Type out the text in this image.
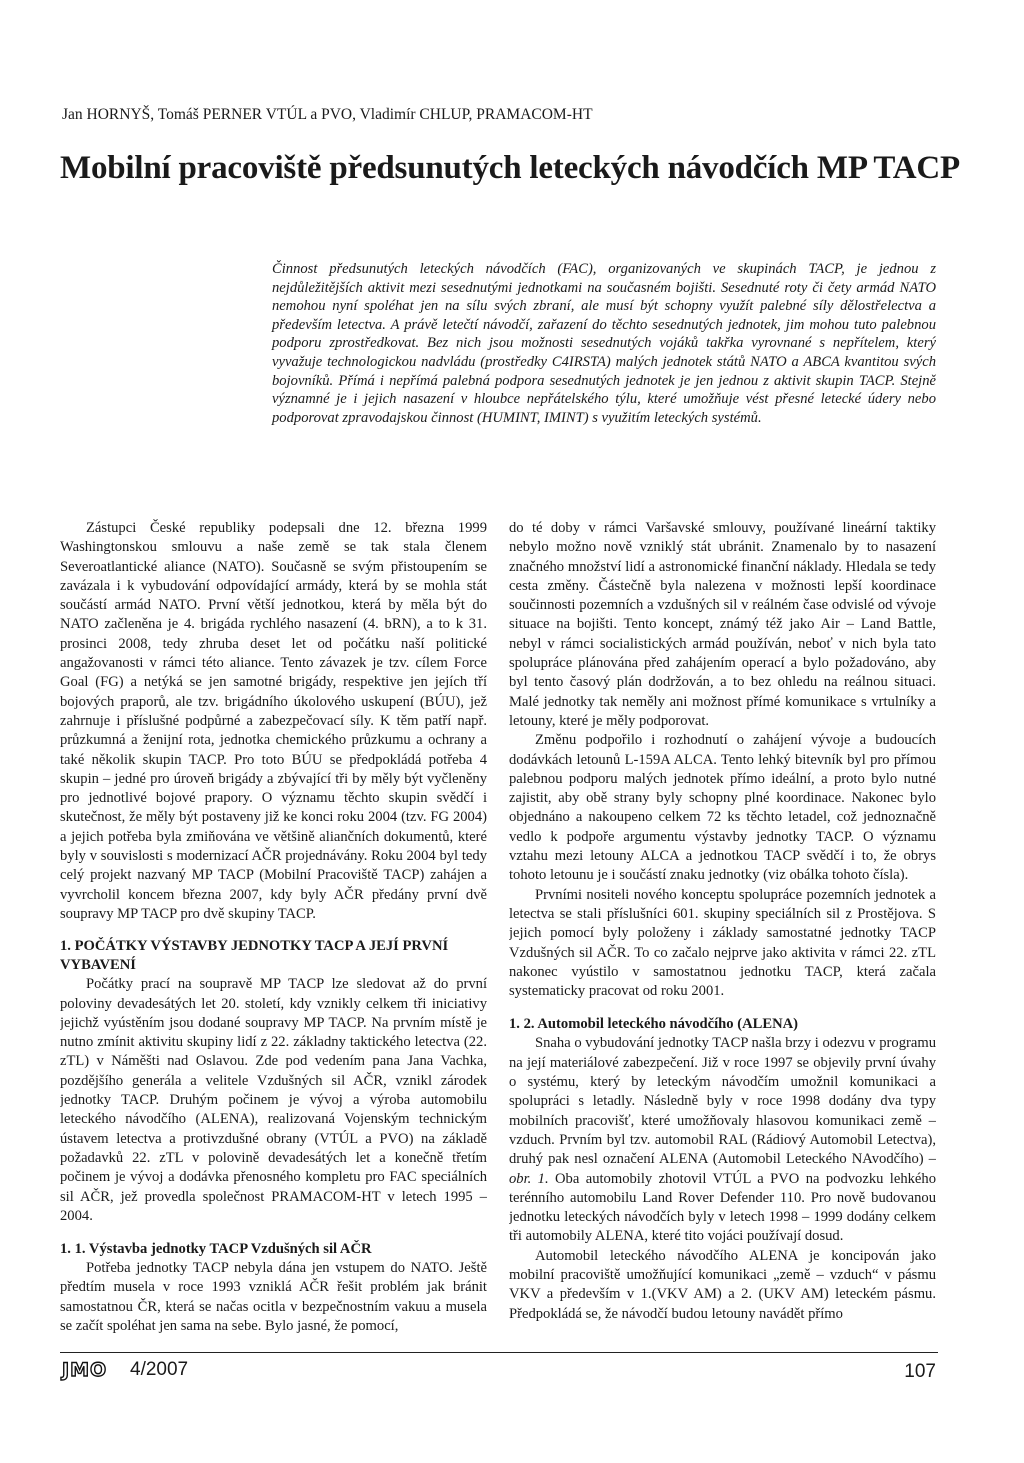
Jan HORNYŠ, Tomáš PERNER VTÚL a PVO, Vladimír CHLUP, PRAMACOM-HT
Mobilní pracoviště předsunutých leteckých návodčích MP TACP

Činnost předsunutých leteckých návodčích (FAC), organizovaných ve skupinách TACP, je jednou z nejdůležitějších aktivit mezi sesednutými jednotkami na současném bojišti. Sesednuté roty či čety armád NATO nemohou nyní spoléhat jen na sílu svých zbraní, ale musí být schopny využít palebné síly dělostřelectva a především letectva. A právě letečtí návodčí, zařazení do těchto sesednutých jednotek, jim mohou tuto palebnou podporu zprostředkovat. Bez nich jsou možnosti sesednutých vojáků takřka vyrovnané s nepřítelem, který vyvažuje technologickou nadvládu (prostředky C4IRSTA) malých jednotek států NATO a ABCA kvantitou svých bojovníků. Přímá i nepřímá palebná podpora sesednutých jednotek je jen jednou z aktivit skupin TACP. Stejně významné je i jejich nasazení v hloubce nepřátelského týlu, které umožňuje vést přesné letecké údery nebo podporovat zpravodajskou činnost (HUMINT, IMINT) s využitím leteckých systémů.

Zástupci České republiky podepsali dne 12. března 1999 Washingtonskou smlouvu a naše země se tak stala členem Severoatlantické aliance (NATO). Současně se svým přistoupením se zavázala i k vybudování odpovídající armády, která by se mohla stát součástí armád NATO. První větší jednotkou, která by měla být do NATO začleněna je 4. brigáda rychlého nasazení (4. bRN), a to k 31. prosinci 2008, tedy zhruba deset let od počátku naší politické angažovanosti v rámci této aliance. Tento závazek je tzv. cílem Force Goal (FG) a netýká se jen samotné brigády, respektive jen jejích tří bojových praporů, ale tzv. brigádního úkolového uskupení (BÚU), jež zahrnuje i příslušné podpůrné a zabezpečovací síly. K těm patří např. průzkumná a ženijní rota, jednotka chemického průzkumu a ochrany a také několik skupin TACP. Pro toto BÚU se předpokládá potřeba 4 skupin – jedné pro úroveň brigády a zbývající tři by měly být vyčleněny pro jednotlivé bojové prapory. O významu těchto skupin svědčí i skutečnost, že měly být postaveny již ke konci roku 2004 (tzv. FG 2004) a jejich potřeba byla zmiňována ve většině aliančních dokumentů, které byly v souvislosti s modernizací AČR projednávány. Roku 2004 byl tedy celý projekt nazvaný MP TACP (Mobilní Pracoviště TACP) zahájen a vyvrcholil koncem března 2007, kdy byly AČR předány první dvě soupravy MP TACP pro dvě skupiny TACP.

1. POČÁTKY VÝSTAVBY JEDNOTKY TACP A JEJÍ PRVNÍ VYBAVENÍ

Počátky prací na soupravě MP TACP lze sledovat až do první poloviny devadesátých let 20. století, kdy vznikly celkem tři iniciativy jejichž vyústěním jsou dodané soupravy MP TACP. Na prvním místě je nutno zmínit aktivitu skupiny lidí z 22. základny taktického letectva (22. zTL) v Náměšti nad Oslavou. Zde pod vedením pana Jana Vachka, pozdějšího generála a velitele Vzdušných sil AČR, vznikl zárodek jednotky TACP. Druhým počinem je vývoj a výroba automobilu leteckého návodčího (ALENA), realizovaná Vojenským technickým ústavem letectva a protivzdušné obrany (VTÚL a PVO) na základě požadavků 22. zTL v polovině devadesátých let a konečně třetím počinem je vývoj a dodávka přenosného kompletu pro FAC speciálních sil AČR, jež provedla společnost PRAMACOM-HT v letech 1995 – 2004.

1. 1. Výstavba jednotky TACP Vzdušných sil AČR

Potřeba jednotky TACP nebyla dána jen vstupem do NATO. Ještě předtím musela v roce 1993 vzniklá AČR řešit problém jak bránit samostatnou ČR, která se načas ocitla v bezpečnostním vakuu a musela se začít spoléhat jen sama na sebe. Bylo jasné, že pomocí,

do té doby v rámci Varšavské smlouvy, používané lineární taktiky nebylo možno nově vzniklý stát ubránit. Znamenalo by to nasazení značného množství lidí a astronomické finanční náklady. Hledala se tedy cesta změny. Částečně byla nalezena v možnosti lepší koordinace součinnosti pozemních a vzdušných sil v reálném čase odvislé od vývoje situace na bojišti. Tento koncept, známý též jako Air – Land Battle, nebyl v rámci socialistických armád používán, neboť v nich byla tato spolupráce plánována před zahájením operací a bylo požadováno, aby byl tento časový plán dodržován, a to bez ohledu na reálnou situaci. Malé jednotky tak neměly ani možnost přímé komunikace s vrtulníky a letouny, které je měly podporovat.

Změnu podpořilo i rozhodnutí o zahájení vývoje a budoucích dodávkách letounů L-159A ALCA. Tento lehký bitevník byl pro přímou palebnou podporu malých jednotek přímo ideální, a proto bylo nutné zajistit, aby obě strany byly schopny plné koordinace. Nakonec bylo objednáno a nakoupeno celkem 72 ks těchto letadel, což jednoznačně vedlo k podpoře argumentu výstavby jednotky TACP. O významu vztahu mezi letouny ALCA a jednotkou TACP svědčí i to, že obrys tohoto letounu je i součástí znaku jednotky (viz obálka tohoto čísla).

Prvními nositeli nového konceptu spolupráce pozemních jednotek a letectva se stali příslušníci 601. skupiny speciálních sil z Prostějova. S jejich pomocí byly položeny i základy samostatné jednotky TACP Vzdušných sil AČR. To co začalo nejprve jako aktivita v rámci 22. zTL nakonec vyústilo v samostatnou jednotku TACP, která začala systematicky pracovat od roku 2001.

1. 2. Automobil leteckého návodčího (ALENA)

Snaha o vybudování jednotky TACP našla brzy i odezvu v programu na její materiálové zabezpečení. Již v roce 1997 se objevily první úvahy o systému, který by leteckým návodčím umožnil komunikaci a spolupráci s letadly. Následně byly v roce 1998 dodány dva typy mobilních pracovišť, které umožňovaly hlasovou komunikaci země – vzduch. Prvním byl tzv. automobil RAL (Rádiový Automobil Letectva), druhý pak nesl označení ALENA (Automobil Leteckého NAvodčího) – obr. 1. Oba automobily zhotovil VTÚL a PVO na podvozku lehkého terénního automobilu Land Rover Defender 110. Pro nově budovanou jednotku leteckých návodčích byly v letech 1998 – 1999 dodány celkem tři automobily ALENA, které tito vojáci používají dosud.

Automobil leteckého návodčího ALENA je koncipován jako mobilní pracoviště umožňující komunikaci „země – vzduch“ v pásmu VKV a především v 1.(VKV AM) a 2. (UKV AM) leteckém pásmu. Předpokládá se, že návodčí budou letouny navádět přímo

JMO 4/2007	107
